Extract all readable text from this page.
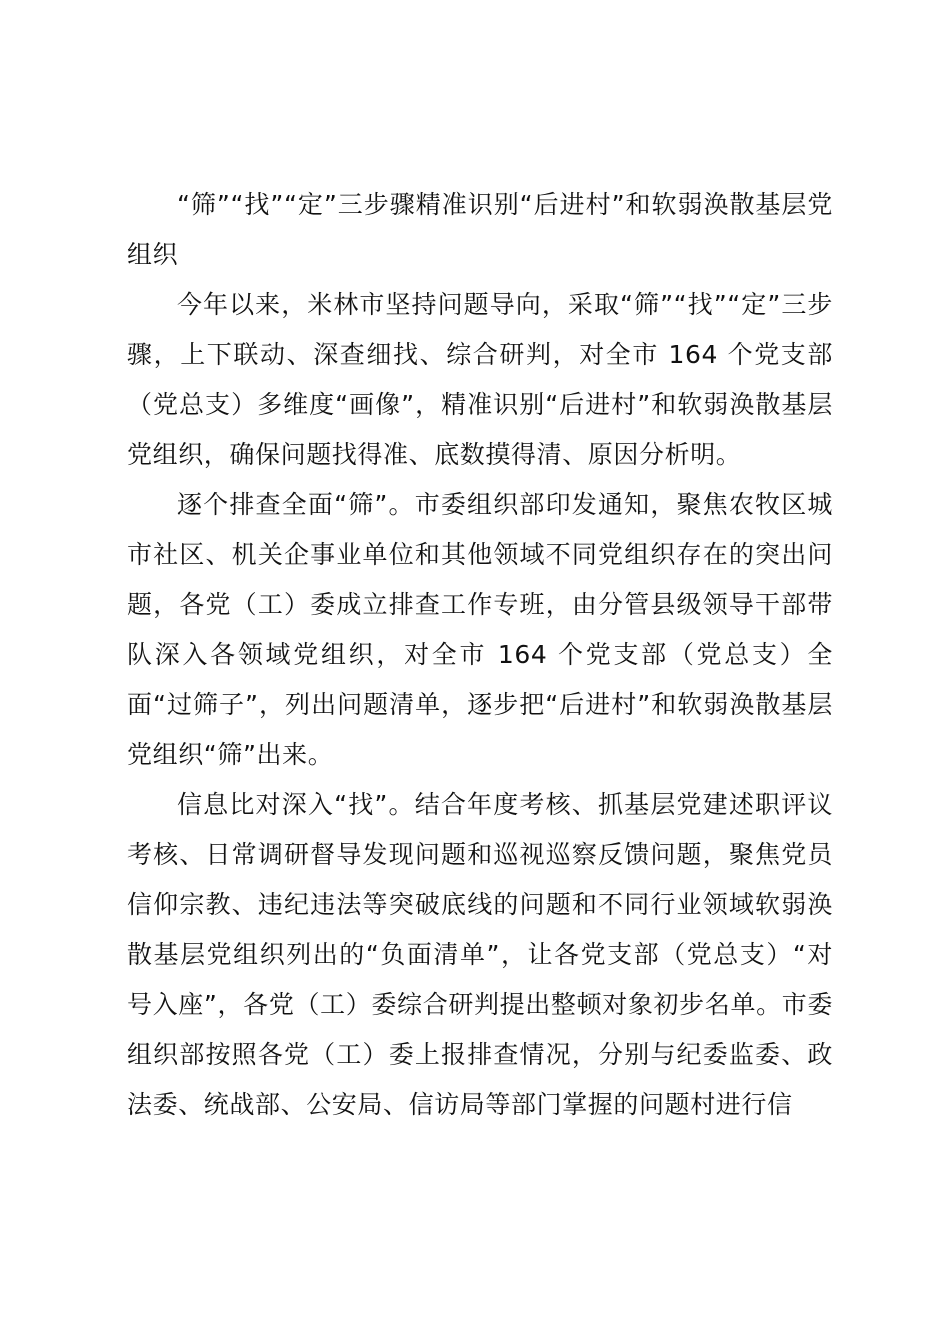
“筛”“找”“定”三步骤精准识别“后进村”和软弱涣散基层党组织

今年以来，米林市坚持问题导向，采取“筛”“找”“定”三步骤，上下联动、深查细找、综合研判，对全市 164 个党支部（党总支）多维度“画像”，精准识别“后进村”和软弱涣散基层党组织，确保问题找得准、底数摸得清、原因分析明。

逐个排查全面“筛”。市委组织部印发通知，聚焦农牧区城市社区、机关企事业单位和其他领域不同党组织存在的突出问题，各党（工）委成立排查工作专班，由分管县级领导干部带队深入各领域党组织，对全市 164 个党支部（党总支）全面“过筛子”，列出问题清单，逐步把“后进村”和软弱涣散基层党组织“筛”出来。

信息比对深入“找”。结合年度考核、抓基层党建述职评议考核、日常调研督导发现问题和巡视巡察反馈问题，聚焦党员信仰宗教、违纪违法等突破底线的问题和不同行业领域软弱涣散基层党组织列出的“负面清单”，让各党支部（党总支）“对号入座”，各党（工）委综合研判提出整顿对象初步名单。市委组织部按照各党（工）委上报排查情况，分别与纪委监委、政法委、统战部、公安局、信访局等部门掌握的问题村进行信
